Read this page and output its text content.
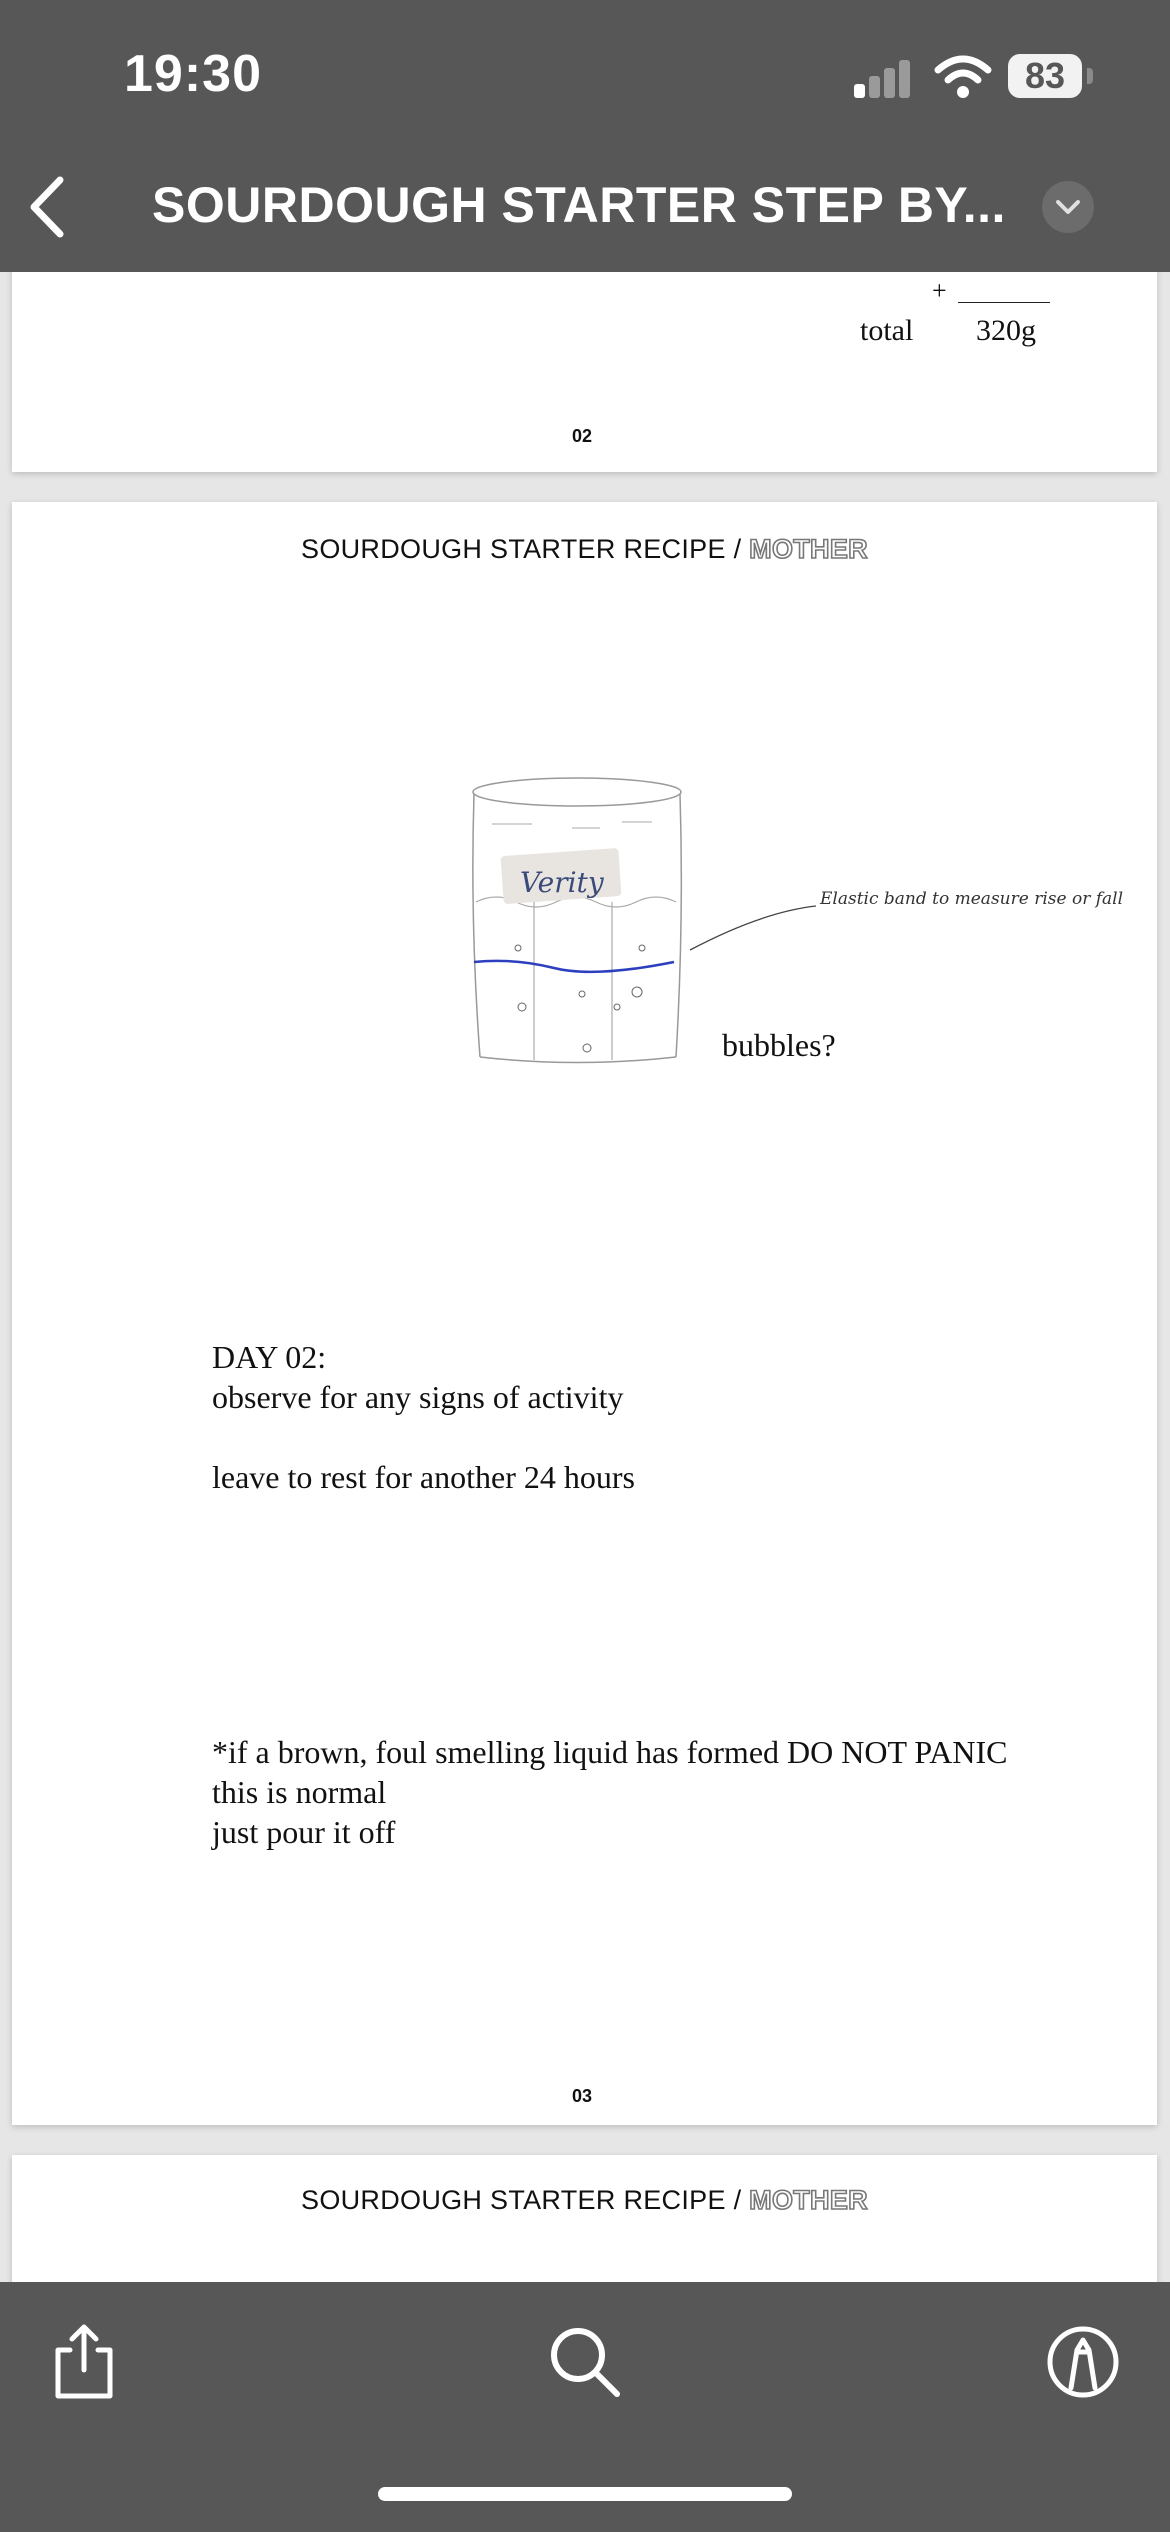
+
total 320g
02
SOURDOUGH STARTER RECIPE / MOTHER
Verity	Elastic band to measure rise or fall
bubbles?
DAY 02:
observe for any signs of activity
leave to rest for another 24 hours
*if a brown, foul smelling liquid has formed DO NOT PANIC
this is normal
just pour it off
03
SOURDOUGH STARTER RECIPE / MOTHER
19:30	83
SOURDOUGH STARTER STEP BY...
